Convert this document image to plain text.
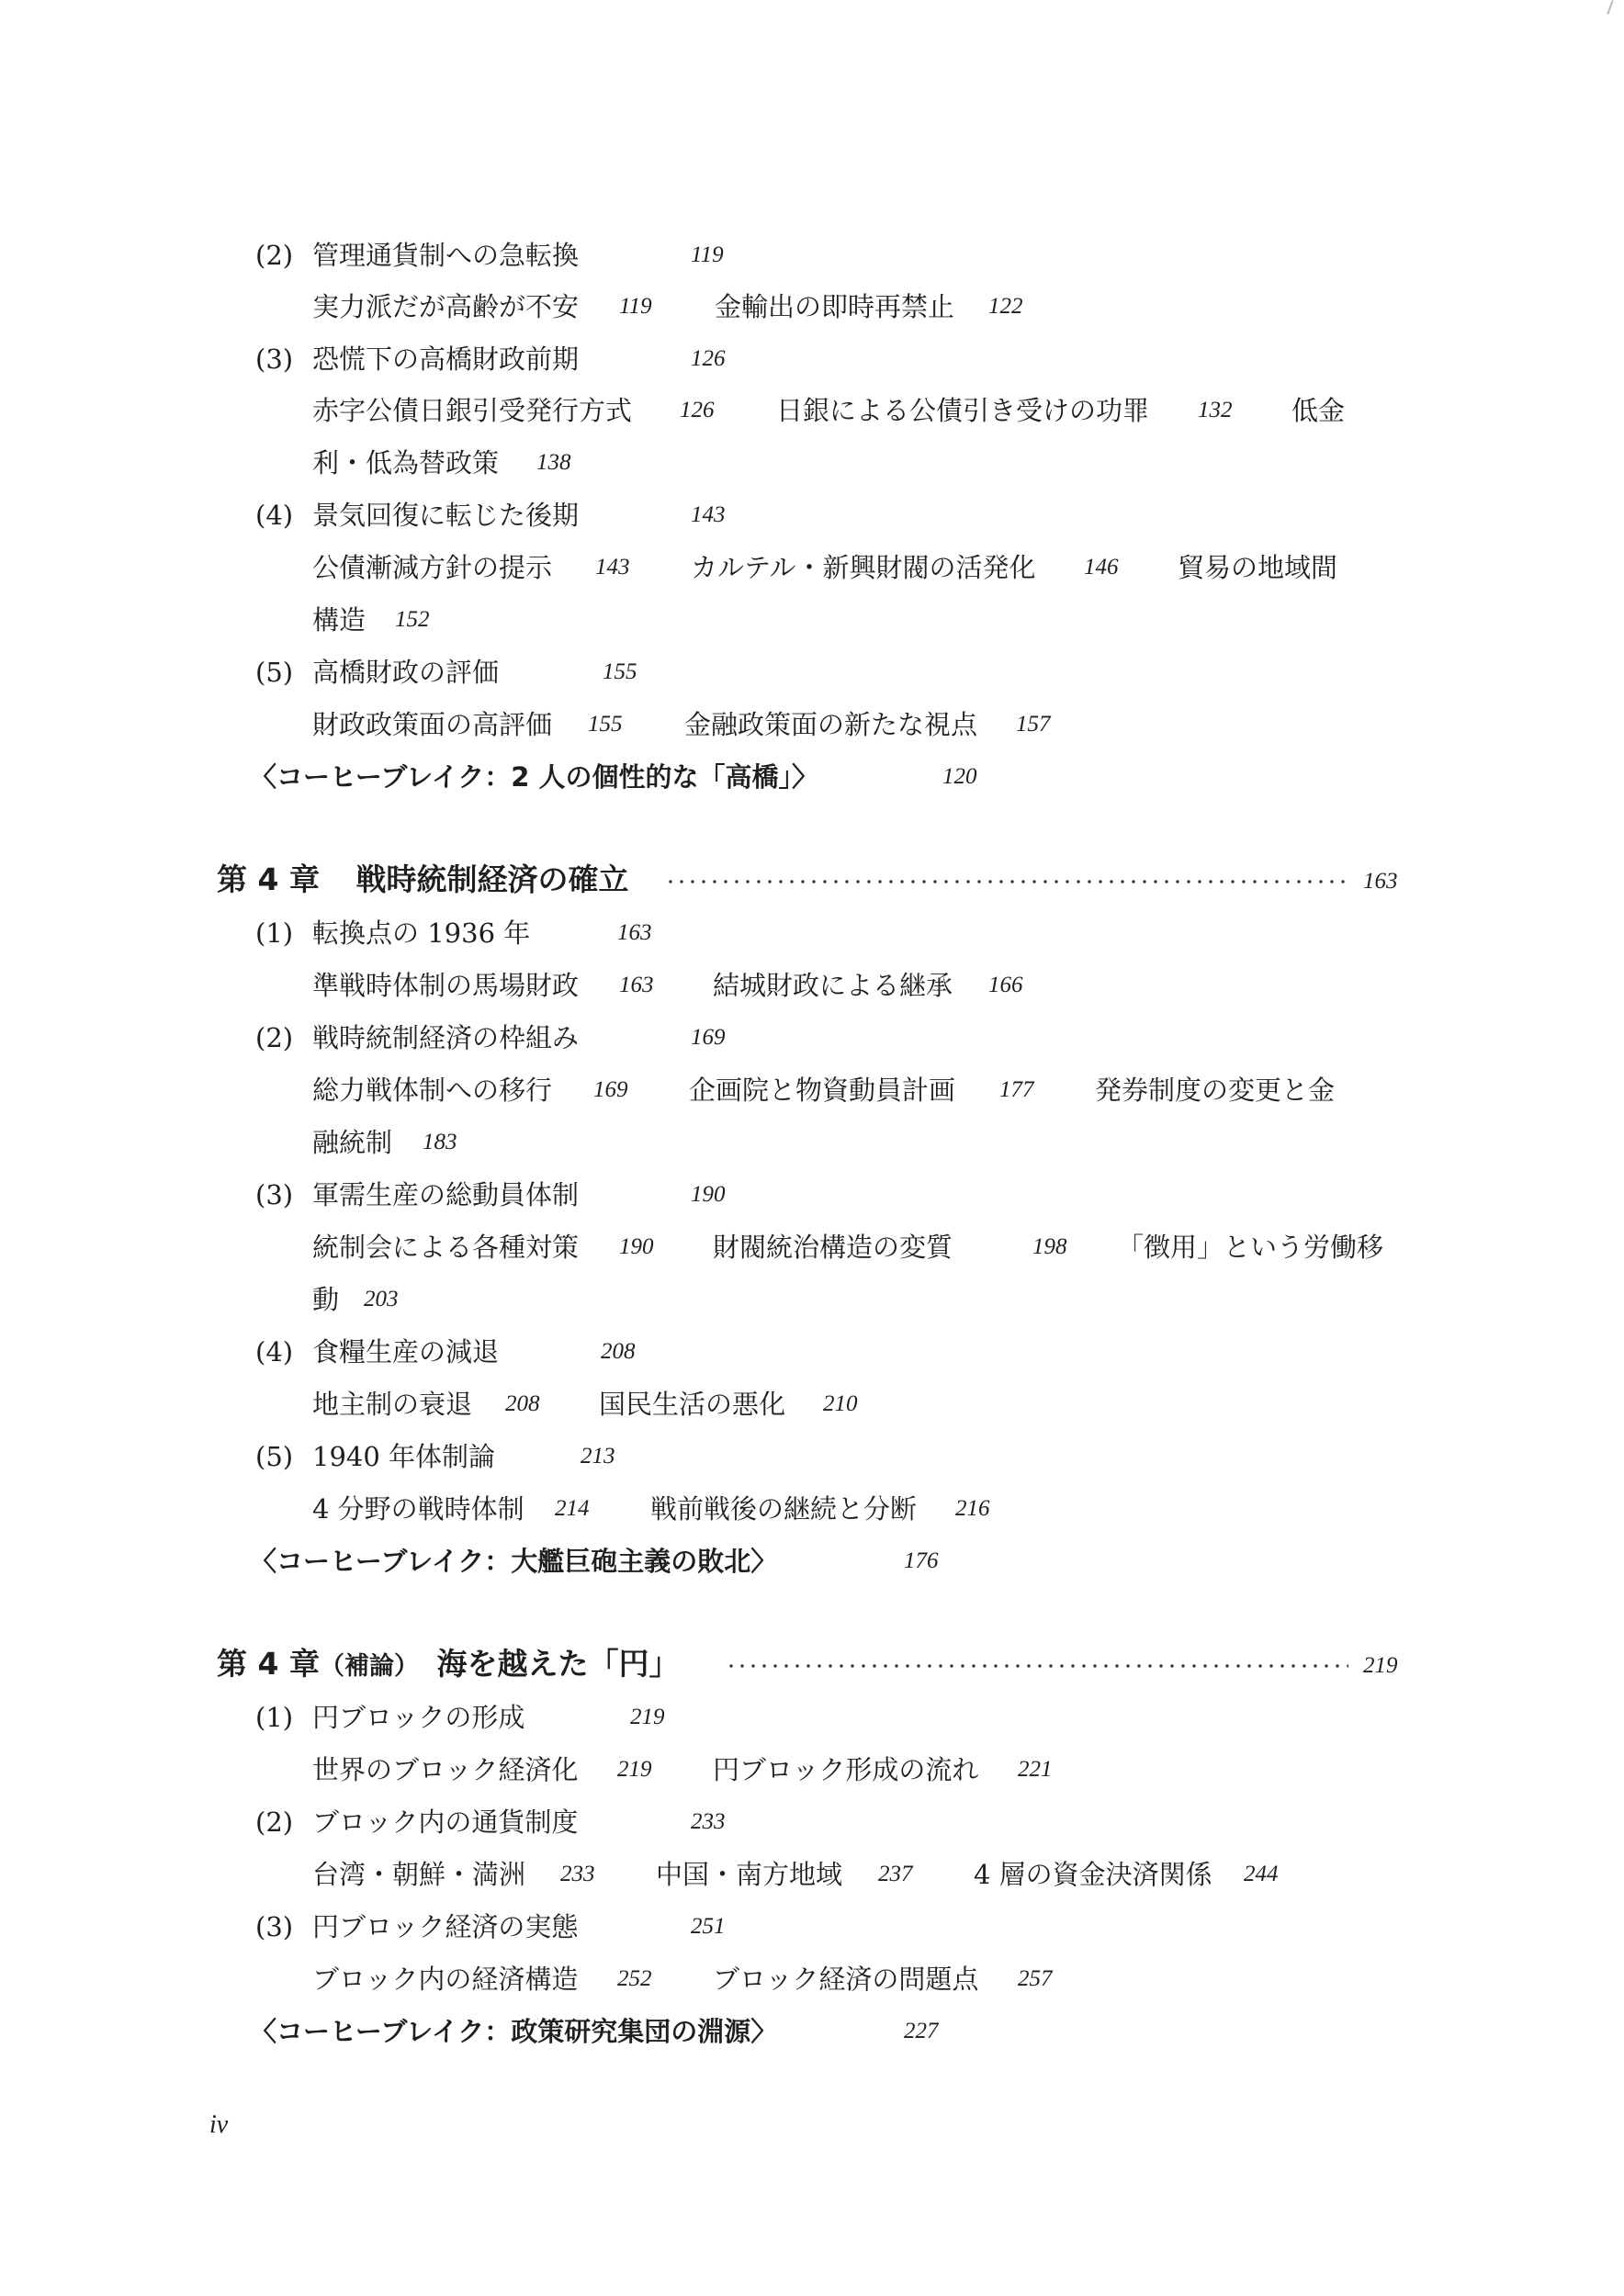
(2) 管理通貨制への急転換	119
実力派だが高齢が不安 119 金輸出の即時再禁止 122
(3) 恐慌下の高橋財政前期	126
赤字公債日銀引受発行方式 126 日銀による公債引き受けの功罪 132 低金
利・低為替政策 138
(4) 景気回復に転じた後期	143
公債漸減方針の提示 143 カルテル・新興財閥の活発化 146 貿易の地域間
構造 152
(5) 高橋財政の評価	155
財政政策面の高評価 155 金融政策面の新たな視点 157
〈コーヒーブレイク：2 人の個性的な「高橋」〉	120
第 4 章 戦時統制経済の確立	163
(1) 転換点の 1936 年	163
準戦時体制の馬場財政 163 結城財政による継承 166
(2) 戦時統制経済の枠組み	169
総力戦体制への移行 169 企画院と物資動員計画 177 発券制度の変更と金
融統制 183
(3) 軍需生産の総動員体制	190
統制会による各種対策 190 財閥統治構造の変質	198 「徴用」という労働移
動 203
(4) 食糧生産の減退	208
地主制の衰退 208 国民生活の悪化 210
(5) 1940 年体制論	213
4 分野の戦時体制 214 戦前戦後の継続と分断 216
〈コーヒーブレイク：大艦巨砲主義の敗北〉	176
第 4 章（補論） 海を越えた「円」	219
(1) 円ブロックの形成	219
世界のブロック経済化 219 円ブロック形成の流れ 221
(2) ブロック内の通貨制度	233
台湾・朝鮮・満洲 233 中国・南方地域 237 4 層の資金決済関係 244
(3) 円ブロック経済の実態	251
ブロック内の経済構造 252 ブロック経済の問題点 257
〈コーヒーブレイク：政策研究集団の淵源〉	227
iv
